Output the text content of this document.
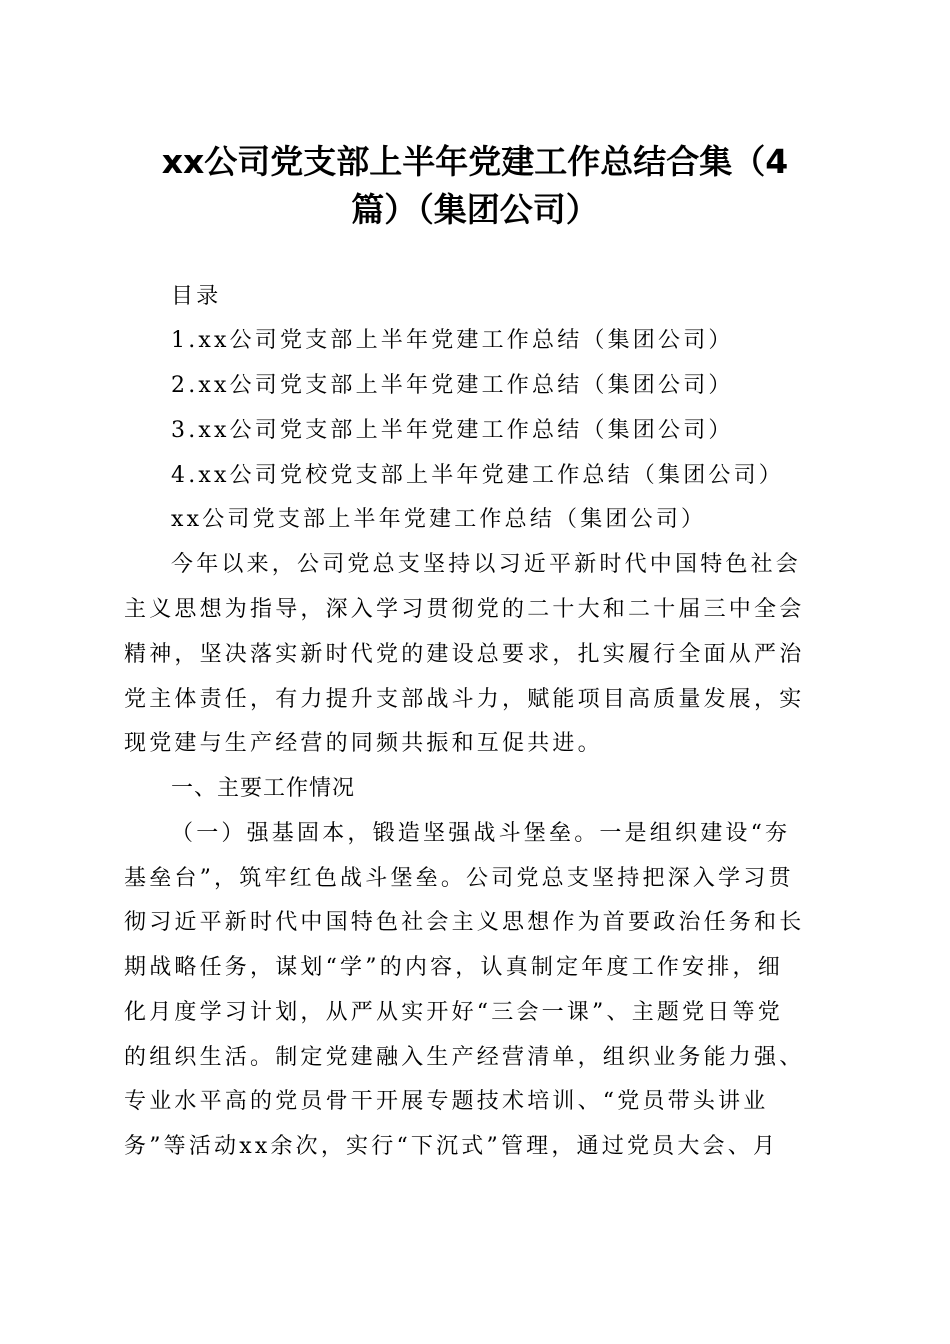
xx公司党支部上半年党建工作总结合集（4
篇）（集团公司）
目录
1.xx公司党支部上半年党建工作总结（集团公司）
2.xx公司党支部上半年党建工作总结（集团公司）
3.xx公司党支部上半年党建工作总结（集团公司）
4.xx公司党校党支部上半年党建工作总结（集团公司）
xx公司党支部上半年党建工作总结（集团公司）
今年以来，公司党总支坚持以习近平新时代中国特色社会
主义思想为指导，深入学习贯彻党的二十大和二十届三中全会
精神，坚决落实新时代党的建设总要求，扎实履行全面从严治
党主体责任，有力提升支部战斗力，赋能项目高质量发展，实
现党建与生产经营的同频共振和互促共进。
一、主要工作情况
（一）强基固本，锻造坚强战斗堡垒。一是组织建设“夯
基垒台”，筑牢红色战斗堡垒。公司党总支坚持把深入学习贯
彻习近平新时代中国特色社会主义思想作为首要政治任务和长
期战略任务，谋划“学”的内容，认真制定年度工作安排，细
化月度学习计划，从严从实开好“三会一课”、主题党日等党
的组织生活。制定党建融入生产经营清单，组织业务能力强、
专业水平高的党员骨干开展专题技术培训、“党员带头讲业
务”等活动xx余次，实行“下沉式”管理，通过党员大会、月
